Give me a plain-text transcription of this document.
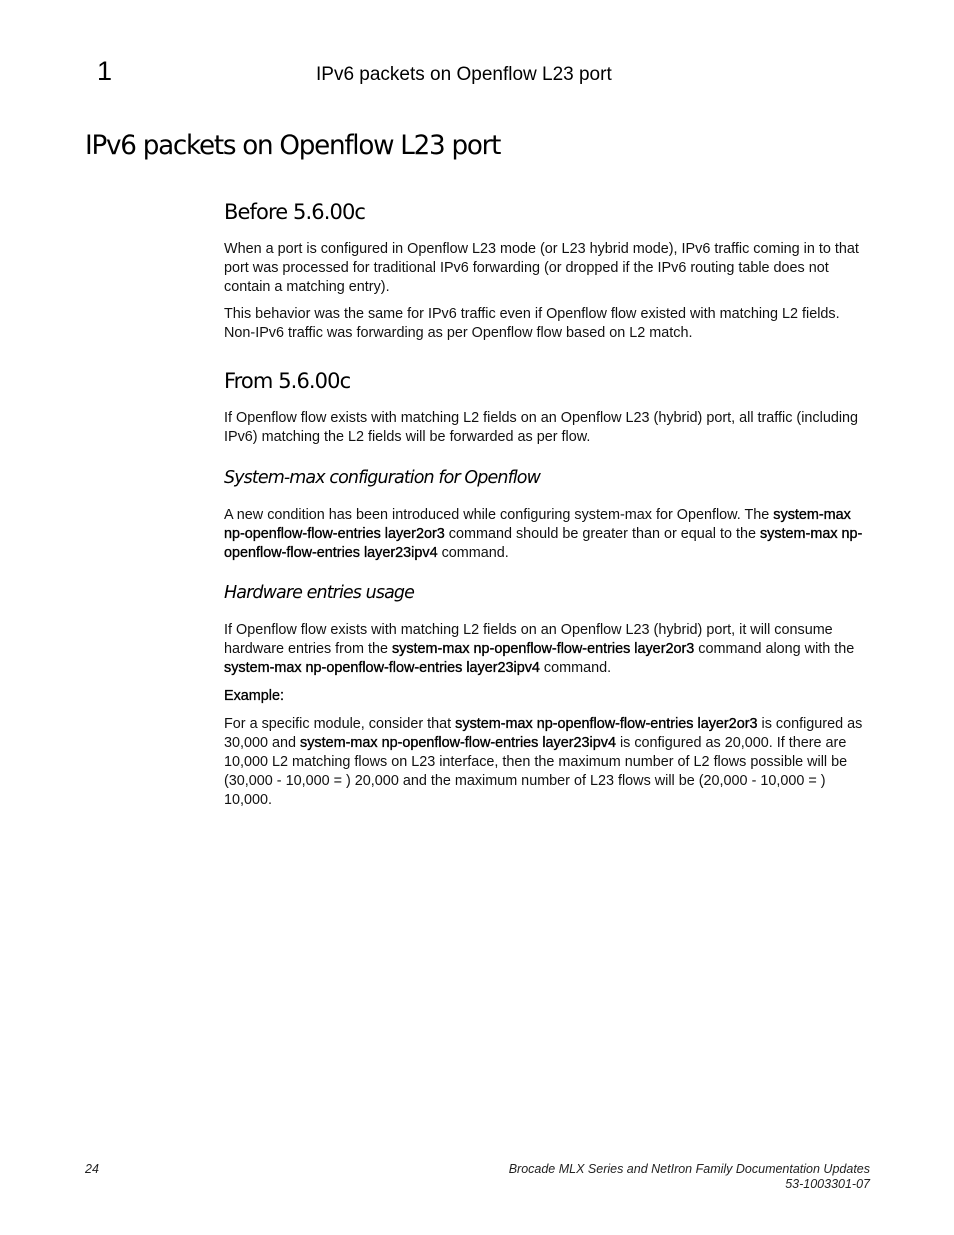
1	IPv6 packets on Openflow L23 port
IPv6 packets on Openflow L23 port
Before 5.6.00c

When a port is configured in Openflow L23 mode (or L23 hybrid mode), IPv6 traffic coming in to that port was processed for traditional IPv6 forwarding (or dropped if the IPv6 routing table does not contain a matching entry).

This behavior was the same for IPv6 traffic even if Openflow flow existed with matching L2 fields. Non-IPv6 traffic was forwarding as per Openflow flow based on L2 match.

From 5.6.00c

If Openflow flow exists with matching L2 fields on an Openflow L23 (hybrid) port, all traffic (including IPv6) matching the L2 fields will be forwarded as per flow.

System-max configuration for Openflow

A new condition has been introduced while configuring system-max for Openflow. The system-max np-openflow-flow-entries layer2or3 command should be greater than or equal to the system-max np-openflow-flow-entries layer23ipv4 command.

Hardware entries usage

If Openflow flow exists with matching L2 fields on an Openflow L23 (hybrid) port, it will consume hardware entries from the system-max np-openflow-flow-entries layer2or3 command along with the system-max np-openflow-flow-entries layer23ipv4 command.

Example:

For a specific module, consider that system-max np-openflow-flow-entries layer2or3 is configured as 30,000 and system-max np-openflow-flow-entries layer23ipv4 is configured as 20,000. If there are 10,000 L2 matching flows on L23 interface, then the maximum number of L2 flows possible will be (30,000 - 10,000 = ) 20,000 and the maximum number of L23 flows will be (20,000 - 10,000 = ) 10,000.

24	Brocade MLX Series and NetIron Family Documentation Updates
53-1003301-07
